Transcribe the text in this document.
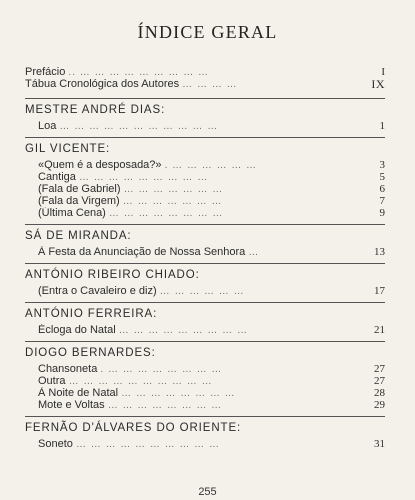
ÍNDICE GERAL
Prefácio .. … … … … … … … … …	I
Tábua Cronológica dos Autores … … … …	IX
MESTRE ANDRÉ DIAS:
Loa … … … … … … … … … … …	1
GIL VICENTE:
«Quem é a desposada?» . … … … … … …	3
Cantiga … … … … … … … … …	5
(Fala de Gabriel) … … … … … … …	6
(Fala da Virgem) … … … … … … …	7
(Última Cena) … … … … … … … …	9
SÁ DE MIRANDA:
À Festa da Anunciação de Nossa Senhora …	13
ANTÓNIO RIBEIRO CHIADO:
(Entra o Cavaleiro e diz) … … … … … …	17
ANTÓNIO FERREIRA:
Écloga do Natal … … … … … … … … …	21
DIOGO BERNARDES:
Chansoneta . … … … … … … … …	27
Outra … … … … … … … … … …	27
À Noite de Natal … … … … … … … …	28
Mote e Voltas … … … … … … … …	29
FERNÃO D'ÁLVARES DO ORIENTE:
Soneto … … … … … … … … … …	31
255
